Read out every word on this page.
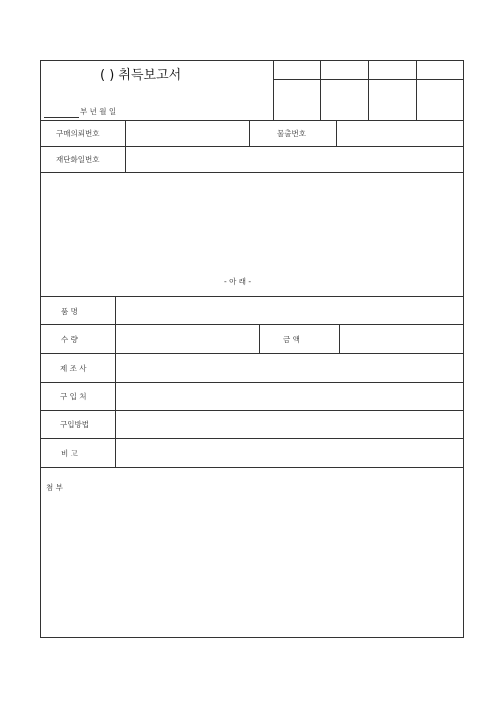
( ) 취득보고서
부 년 월 일
구매의뢰번호	물출번호
재단화일번호
- 아 래 -
품 명
수 량	금 액
제 조 사
구 입 처
구입방법
비 고
첨 부
